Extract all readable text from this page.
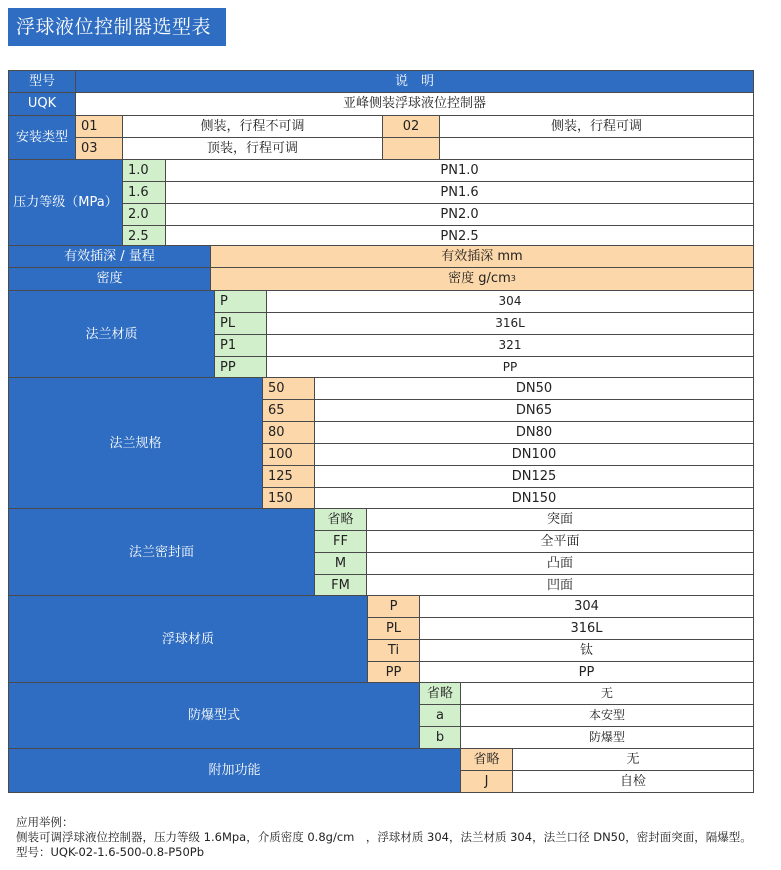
浮球液位控制器选型表
型号	说　明
UQK	亚峰侧装浮球液位控制器
安装类型
01	侧装，行程不可调	02	侧装，行程可调
03	顶装，行程可调
压力等级（MPa）
1.0	PN1.0
1.6	PN1.6
2.0	PN2.0
2.5	PN2.5
有效插深 / 量程	有效插深 mm
密度	密度 g/cm 3
法兰材质
P	304
PL	316L
P1	321
PP	PP
法兰规格
50	DN50
65	DN65
80	DN80
100	DN100
125	DN125
150	DN150
法兰密封面
省略	突面
FF	全平面
M	凸面
FM	凹面
浮球材质
P	304
PL	316L
Ti	钛
PP	PP
防爆型式
省略	无
a	本安型
b	防爆型
附加功能
省略	无
J	自检
应用举例：
侧装可调浮球液位控制器，压力等级 1.6Mpa，介质密度 0.8g/cm　，浮球材质 304，法兰材质 304，法兰口径 DN50，密封面突面，隔爆型。
型号：UQK-02-1.6-500-0.8-P50Pb
